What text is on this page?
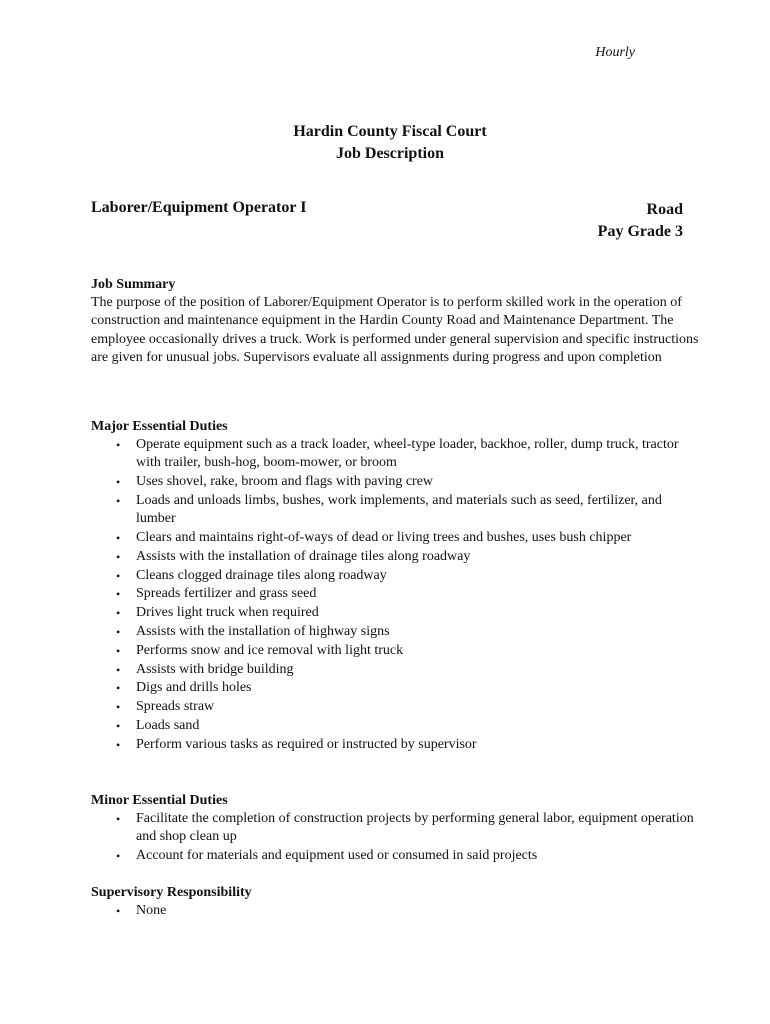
Hourly
Hardin County Fiscal Court
Job Description
Laborer/Equipment Operator I	Road
Pay Grade 3
Job Summary

The purpose of the position of Laborer/Equipment Operator is to perform skilled work in the operation of construction and maintenance equipment in the Hardin County Road and Maintenance Department. The employee occasionally drives a truck. Work is performed under general supervision and specific instructions are given for unusual jobs. Supervisors evaluate all assignments during progress and upon completion

Major Essential Duties
• Operate equipment such as a track loader, wheel-type loader, backhoe, roller, dump truck, tractor with trailer, bush-hog, boom-mower, or broom
• Uses shovel, rake, broom and flags with paving crew
• Loads and unloads limbs, bushes, work implements, and materials such as seed, fertilizer, and lumber
• Clears and maintains right-of-ways of dead or living trees and bushes, uses bush chipper
• Assists with the installation of drainage tiles along roadway
• Cleans clogged drainage tiles along roadway
• Spreads fertilizer and grass seed
• Drives light truck when required
• Assists with the installation of highway signs
• Performs snow and ice removal with light truck
• Assists with bridge building
• Digs and drills holes
• Spreads straw
• Loads sand
• Perform various tasks as required or instructed by supervisor
Minor Essential Duties
• Facilitate the completion of construction projects by performing general labor, equipment operation and shop clean up
• Account for materials and equipment used or consumed in said projects
Supervisory Responsibility
• None
